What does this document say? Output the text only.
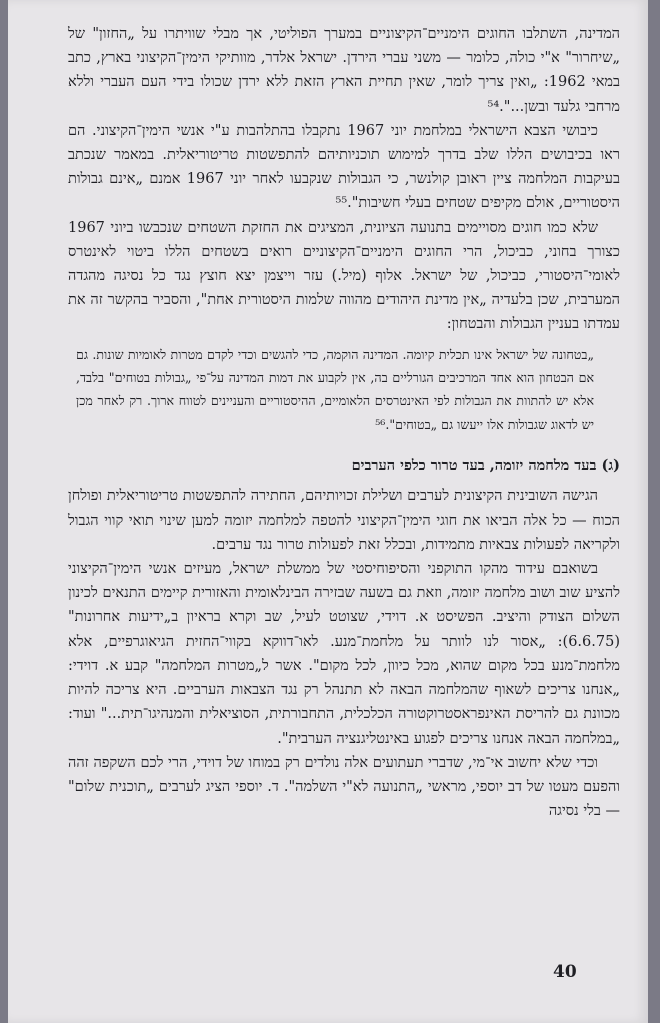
המדינה, השתלבו החוגים הימניים־הקיצוניים במערך הפוליטי, אך מבלי שוויתרו על „החזון" של „שיחרור" א"י כולה, כלומר — משני עברי הירדן. ישראל אלדר, מוותיקי הימין־הקיצוני בארץ, כתב במאי 1962: „ואין צריך לומר, שאין תחיית הארץ הזאת ללא ירדן שכולו בידי העם העברי וללא מרחבי גלעד ובשן...".⁵⁴

כיבושי הצבא הישראלי במלחמת יוני 1967 נתקבלו בהתלהבות ע"י אנשי הימין־הקיצוני. הם ראו בכיבושים הללו שלב בדרך למימוש תוכניותיהם להתפשטות טריטוריאלית. במאמר שנכתב בעיקבות המלחמה ציין ראובן קולנשר, כי הגבולות שנקבעו לאחר יוני 1967 אמנם „אינם גבולות היסטוריים, אולם מקיפים שטחים בעלי חשיבות".⁵⁵

שלא כמו חוגים מסויימים בתנועה הציונית, המציגים את החזקת השטחים שנכבשו ביוני 1967 כצורך בחוני, כביכול, הרי החוגים הימניים־הקיצוניים רואים בשטחים הללו ביטוי לאינטרס לאומי־היסטורי, כביכול, של ישראל. אלוף (מיל.) עזר וייצמן יצא חוצץ נגד כל נסיגה מהגדה המערבית, שכן בלעדיה „אין מדינת היהודים מהווה שלמות היסטורית אחת", והסביר בהקשר זה את עמדתו בעניין הגבולות והבטחון:

„בטחונה של ישראל אינו תכלית קיומה. המדינה הוקמה, כדי להגשים וכדי לקדם מטרות לאומיות שונות. גם אם הבטחון הוא אחד המרכיבים הגורליים בה, אין לקבוע את דמות המדינה על־פי „גבולות בטוחים" בלבד, אלא יש להתוות את הגבולות לפי האינטרסים הלאומיים, ההיסטוריים והעניינים לטווח ארוך. רק לאחר מכן יש לדאוג שגבולות אלו ייעשו גם „בטוחים".⁵⁶

(ג) בעד מלחמה יזומה, בעד טרור כלפי הערבים

הגישה השובינית הקיצונית לערבים ושלילת זכויותיהם, החתירה להתפשטות טריטוריאלית ופולחן הכוח — כל אלה הביאו את חוגי הימין־הקיצוני להטפה למלחמה יזומה למען שינוי תואי קווי הגבול ולקריאה לפעולות צבאיות מתמידות, ובכלל זאת לפעולות טרור נגד ערבים.

בשואבם עידוד מהקו התוקפני והסיפוחיסטי של ממשלת ישראל, מעיזים אנשי הימין־הקיצוני להציע שוב ושוב מלחמה יזומה, וזאת גם בשעה שבזירה הבינלאומית והאזורית קיימים התנאים לכינון השלום הצודק והיציב. הפשיסט א. דוידי, שצוטט לעיל, שב וקרא בראיון ב„ידיעות אחרונות" (6.6.75): „אסור לנו לוותר על מלחמת־מנע. לאו־דווקא בקווי־החזית הגיאוגרפיים, אלא מלחמת־מנע בכל מקום שהוא, מכל כיוון, לכל מקום". אשר ל„מטרות המלחמה" קבע א. דוידי: „אנחנו צריכים לשאוף שהמלחמה הבאה לא תתנהל רק נגד הצבאות הערביים. היא צריכה להיות מכוונת גם להריסת האינפראסטרוקטורה הכלכלית, התחבורתית, הסוציאלית והמנהיגו־תית..." ועוד: „במלחמה הבאה אנחנו צריכים לפגוע באינטליגנציה הערבית".

וכדי שלא יחשוב אי־מי, שדברי תעתועים אלה נולדים רק במוחו של דוידי, הרי לכם השקפה זהה והפעם מעטו של דב יוספי, מראשי „התנועה לא"י השלמה". ד. יוספי הציג לערבים „תוכנית שלום" — בלי נסיגה

40
